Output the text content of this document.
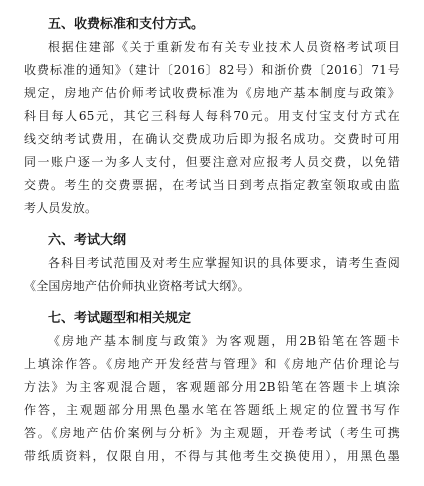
五、收费标准和支付方式。
根据住建部《关于重新发布有关专业技术人员资格考试项目
收费标准的通知》（建计〔2016〕82号）和浙价费〔2016〕71号
规定，房地产估价师考试收费标准为《房地产基本制度与政策》
科目每人65元，其它三科每人每科70元。用支付宝支付方式在
线交纳考试费用，在确认交费成功后即为报名成功。交费时可用
同一账户逐一为多人支付，但要注意对应报考人员交费，以免错
交费。考生的交费票据，在考试当日到考点指定教室领取或由监
考人员发放。
六、考试大纲
各科目考试范围及对考生应掌握知识的具体要求，请考生查阅
《全国房地产估价师执业资格考试大纲》。
七、考试题型和相关规定
《房地产基本制度与政策》为客观题，用2B铅笔在答题卡
上填涂作答。《房地产开发经营与管理》和《房地产估价理论与
方法》为主客观混合题，客观题部分用2B铅笔在答题卡上填涂
作答，主观题部分用黑色墨水笔在答题纸上规定的位置书写作
答。《房地产估价案例与分析》为主观题，开卷考试（考生可携
带纸质资料，仅限自用，不得与其他考生交换使用），用黑色墨
